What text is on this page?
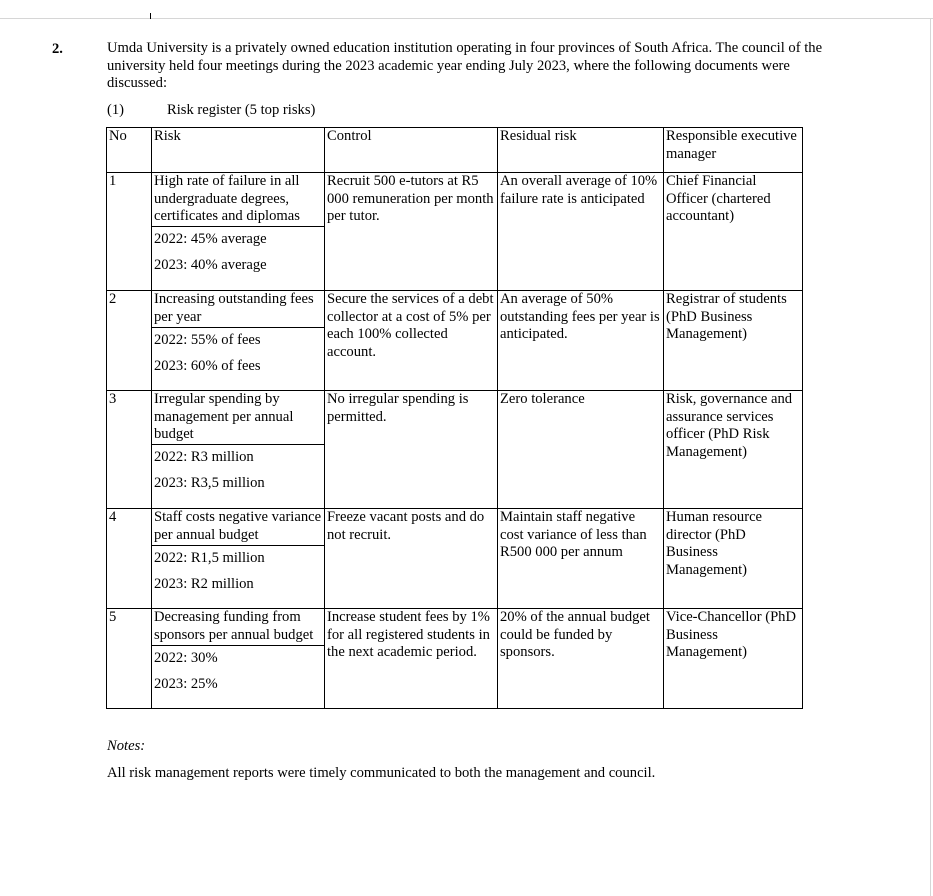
2.	Umda University is a privately owned education institution operating in four provinces of South Africa. The council of the university held four meetings during the 2023 academic year ending July 2023, where the following documents were discussed:
(1)	Risk register (5 top risks)
No	Risk	Control	Residual risk	Responsible executive manager
1	High rate of failure in all undergraduate degrees, certificates and diplomas
2022: 45% average
2023: 40% average	Recruit 500 e-tutors at R5 000 remuneration per month per tutor.	An overall average of 10% failure rate is anticipated	Chief Financial Officer (chartered accountant)
2	Increasing outstanding fees per year
2022: 55% of fees
2023: 60% of fees	Secure the services of a debt collector at a cost of 5% per each 100% collected account.	An average of 50% outstanding fees per year is anticipated.	Registrar of students (PhD Business Management)
3	Irregular spending by management per annual budget
2022: R3 million
2023: R3,5 million	No irregular spending is permitted.	Zero tolerance	Risk, governance and assurance services officer (PhD Risk Management)
4	Staff costs negative variance per annual budget
2022: R1,5 million
2023: R2 million	Freeze vacant posts and do not recruit.	Maintain staff negative cost variance of less than R500 000 per annum	Human resource director (PhD Business Management)
5	Decreasing funding from sponsors per annual budget
2022: 30%
2023: 25%	Increase student fees by 1% for all registered students in the next academic period.	20% of the annual budget could be funded by sponsors.	Vice-Chancellor (PhD Business Management)
Notes:
All risk management reports were timely communicated to both the management and council.
